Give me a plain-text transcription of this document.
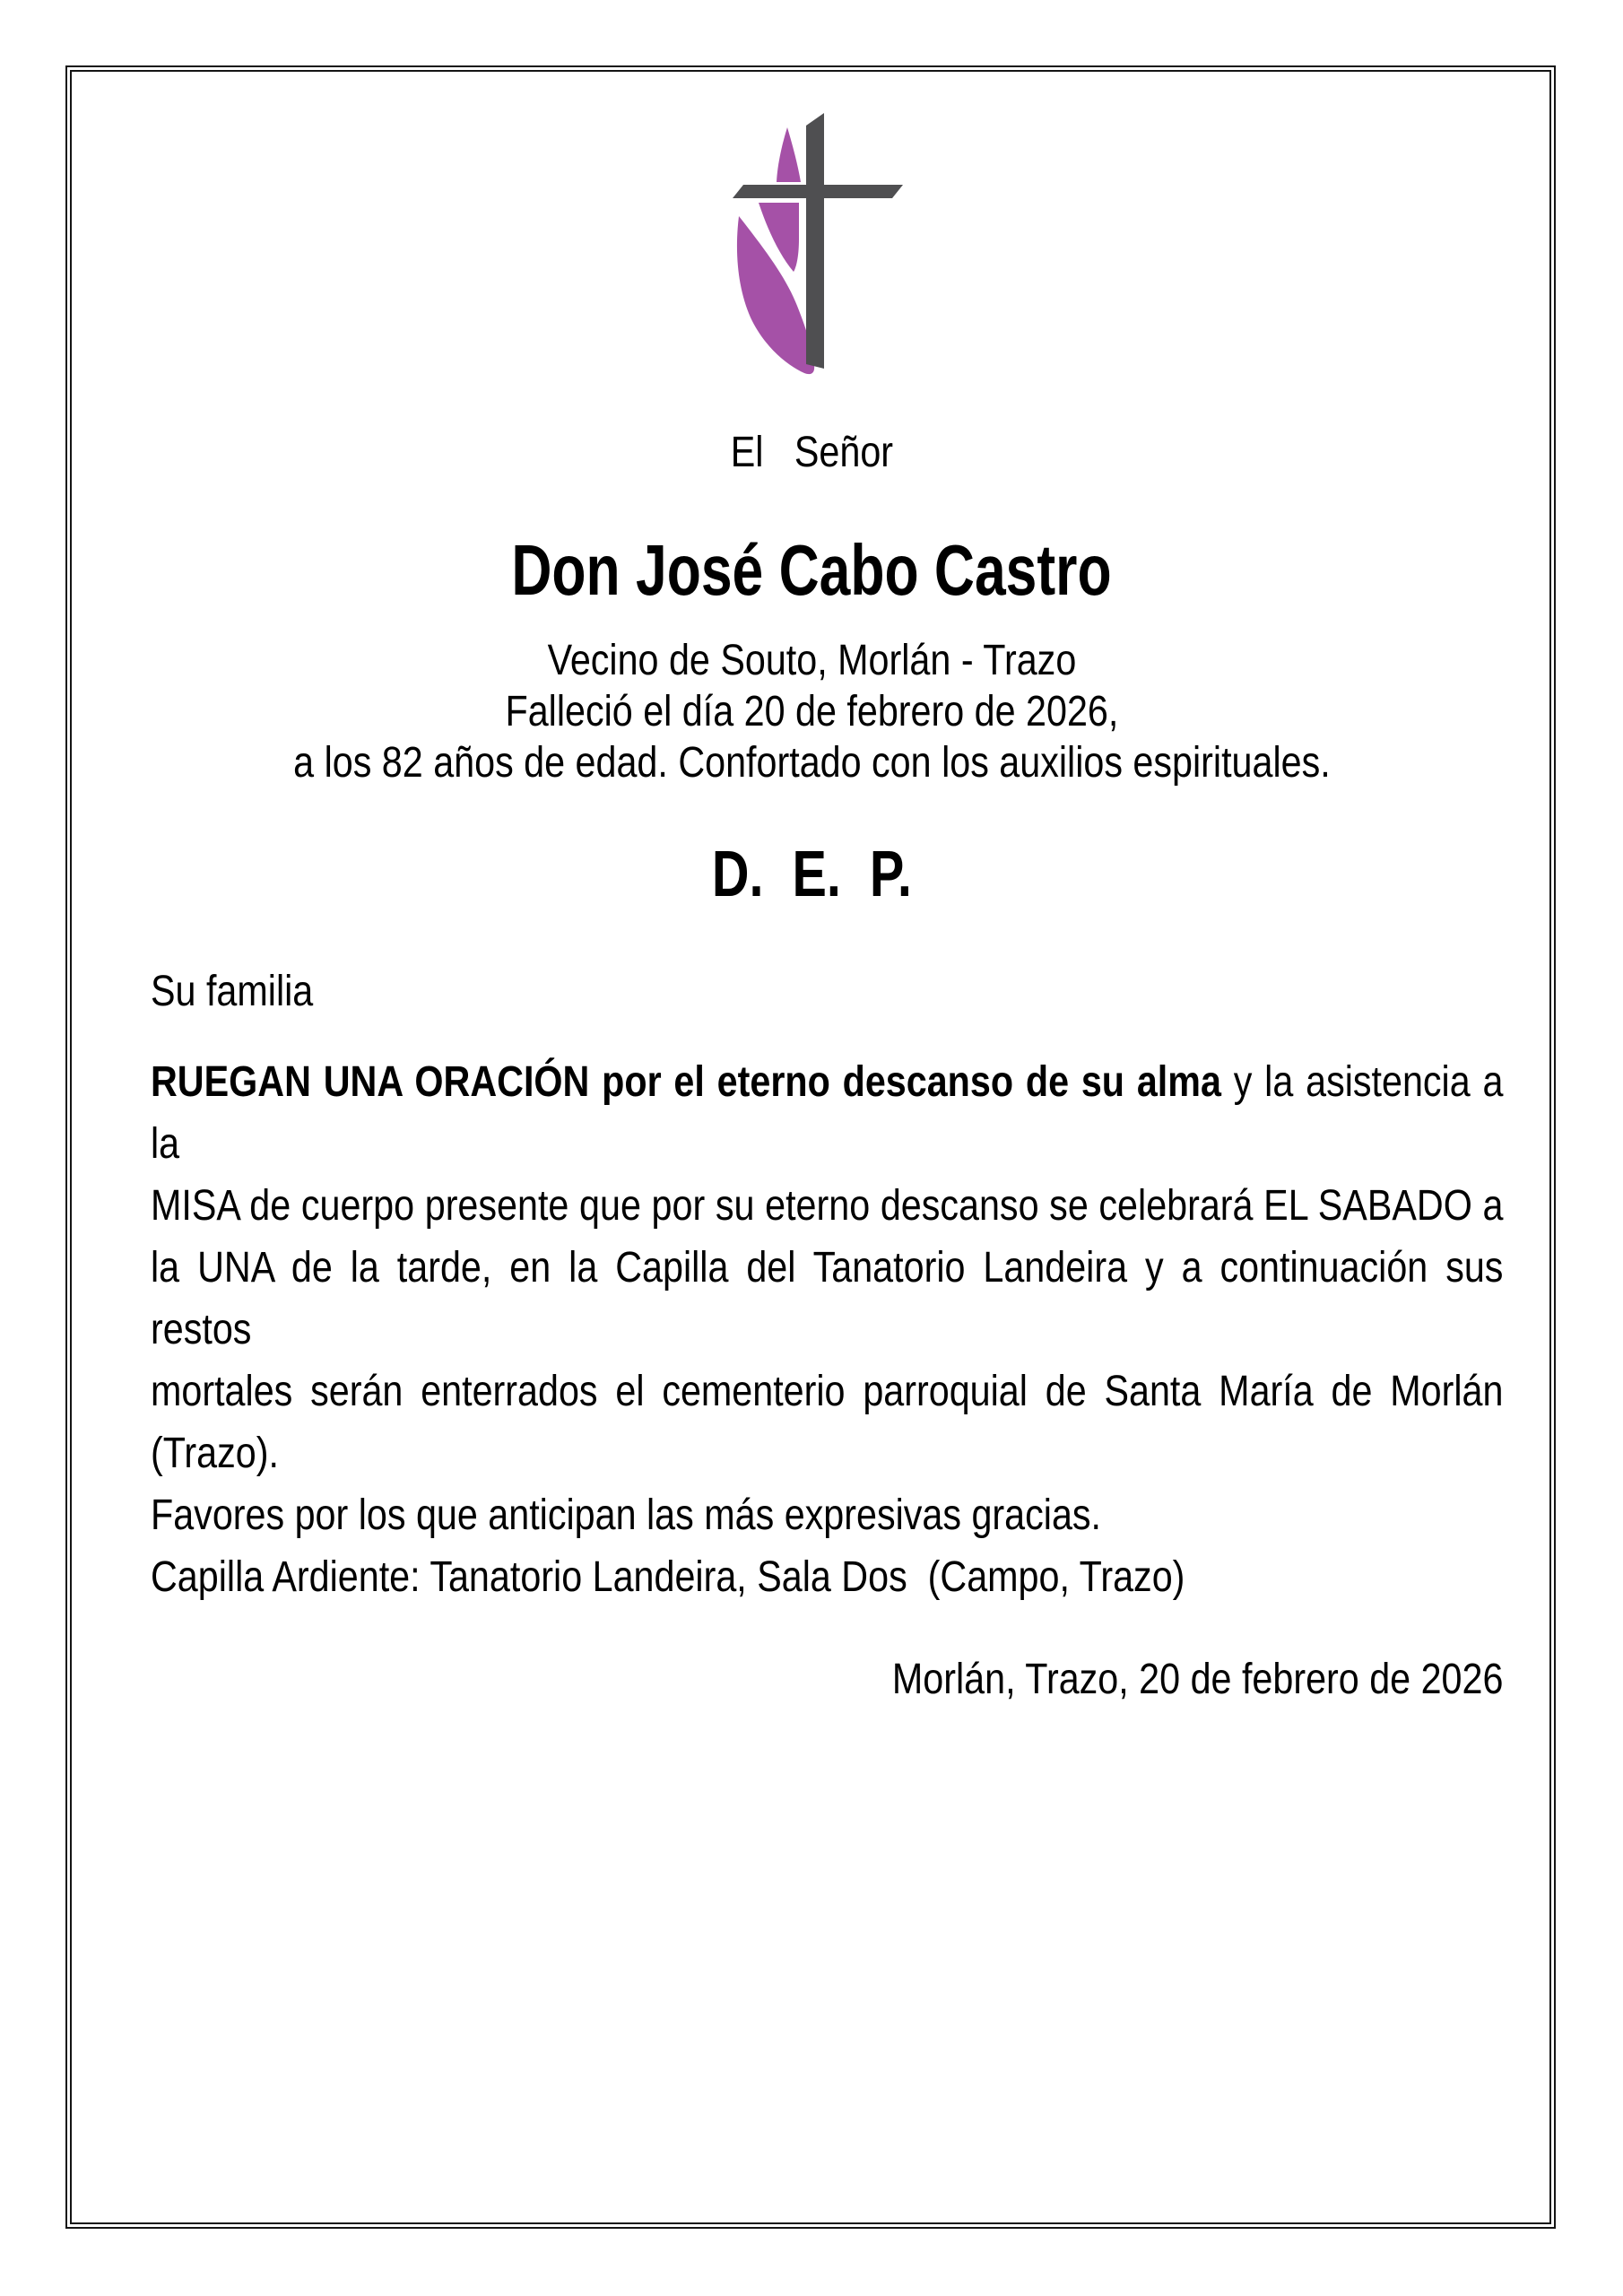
El   Señor
Don José Cabo Castro
Vecino de Souto, Morlán - Trazo
Falleció el día 20 de febrero de 2026,
a los 82 años de edad. Confortado con los auxilios espirituales.
D.  E.  P.
Su familia
RUEGAN UNA ORACIÓN por el eterno descanso de su alma y la asistencia a la
MISA de cuerpo presente que por su eterno descanso se celebrará EL SABADO a
la UNA de la tarde, en la Capilla del Tanatorio Landeira y a continuación sus restos
mortales serán enterrados el cementerio parroquial de Santa María de Morlán
(Trazo).
Favores por los que anticipan las más expresivas gracias.
Capilla Ardiente: Tanatorio Landeira, Sala Dos  (Campo, Trazo)
Morlán, Trazo, 20 de febrero de 2026
